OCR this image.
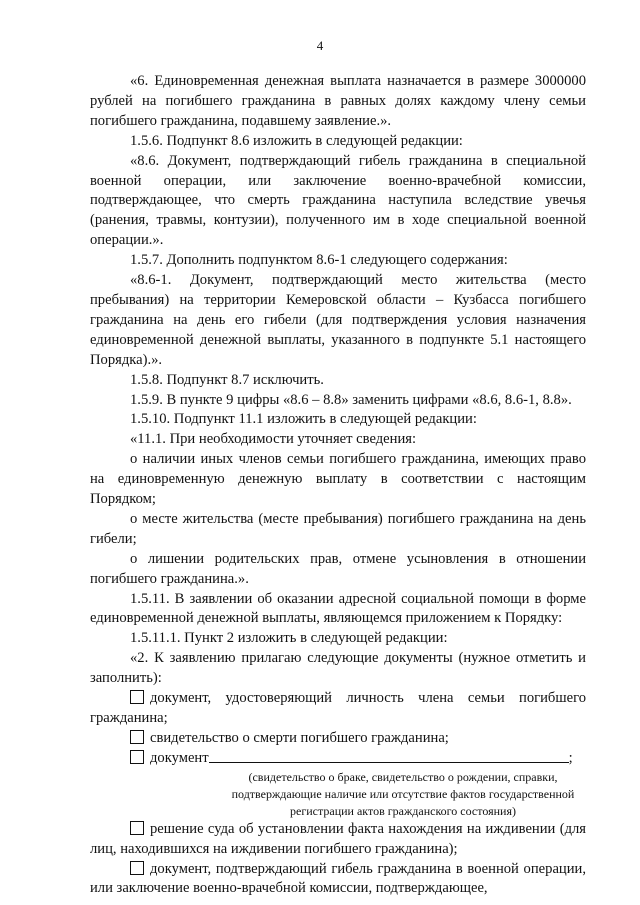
4

«6. Единовременная денежная выплата назначается в размере 3000000 рублей на погибшего гражданина в равных долях каждому члену семьи погибшего гражданина, подавшему заявление.».

1.5.6. Подпункт 8.6 изложить в следующей редакции:

«8.6. Документ, подтверждающий гибель гражданина в специальной военной операции, или заключение военно-врачебной комиссии, подтверждающее, что смерть гражданина наступила вследствие увечья (ранения, травмы, контузии), полученного им в ходе специальной военной операции.».

1.5.7. Дополнить подпунктом 8.6-1 следующего содержания:

«8.6-1. Документ, подтверждающий место жительства (место пребывания) на территории Кемеровской области – Кузбасса погибшего гражданина на день его гибели (для подтверждения условия назначения единовременной денежной выплаты, указанного в подпункте 5.1 настоящего Порядка).».

1.5.8. Подпункт 8.7 исключить.

1.5.9. В пункте 9 цифры «8.6 – 8.8» заменить цифрами «8.6, 8.6-1, 8.8».

1.5.10. Подпункт 11.1 изложить в следующей редакции:

«11.1. При необходимости уточняет сведения:

о наличии иных членов семьи погибшего гражданина, имеющих право на единовременную денежную выплату в соответствии с настоящим Порядком;

о месте жительства (месте пребывания) погибшего гражданина на день гибели;

о лишении родительских прав, отмене усыновления в отношении погибшего гражданина.».

1.5.11. В заявлении об оказании адресной социальной помощи в форме единовременной денежной выплаты, являющемся приложением к Порядку:

1.5.11.1. Пункт 2 изложить в следующей редакции:

«2. К заявлению прилагаю следующие документы (нужное отметить и заполнить):

документ, удостоверяющий личность члена семьи погибшего гражданина;

свидетельство о смерти погибшего гражданина;

документ	;

(свидетельство о браке, свидетельство о рождении, справки, подтверждающие наличие или отсутствие фактов государственной регистрации актов гражданского состояния)

решение суда об установлении факта нахождения на иждивении (для лиц, находившихся на иждивении погибшего гражданина);

документ, подтверждающий гибель гражданина в военной операции, или заключение военно-врачебной комиссии, подтверждающее,
